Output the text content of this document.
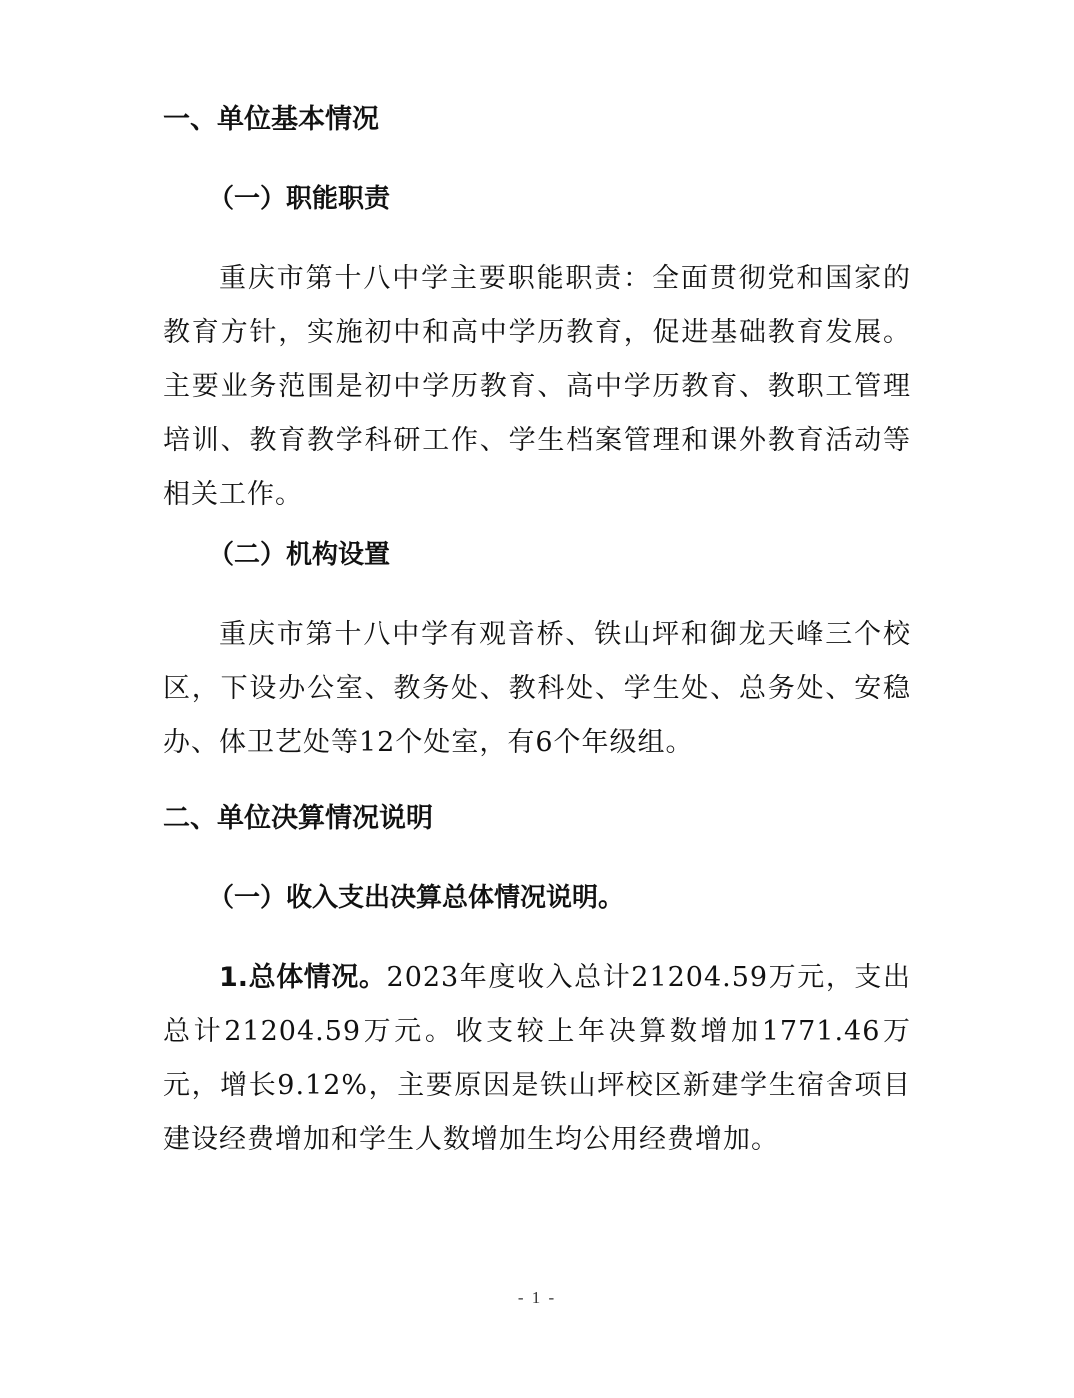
一、单位基本情况
（一）职能职责

重庆市第十八中学主要职能职责：全面贯彻党和国家的教育方针，实施初中和高中学历教育，促进基础教育发展。主要业务范围是初中学历教育、高中学历教育、教职工管理培训、教育教学科研工作、学生档案管理和课外教育活动等相关工作。

（二）机构设置

重庆市第十八中学有观音桥、铁山坪和御龙天峰三个校区，下设办公室、教务处、教科处、学生处、总务处、安稳办、体卫艺处等12个处室，有6个年级组。

二、单位决算情况说明
（一）收入支出决算总体情况说明。

1.总体情况。2023年度收入总计21204.59万元，支出总计21204.59万元。收支较上年决算数增加1771.46万元，增长9.12%，主要原因是铁山坪校区新建学生宿舍项目建设经费增加和学生人数增加生均公用经费增加。

- 1 -
